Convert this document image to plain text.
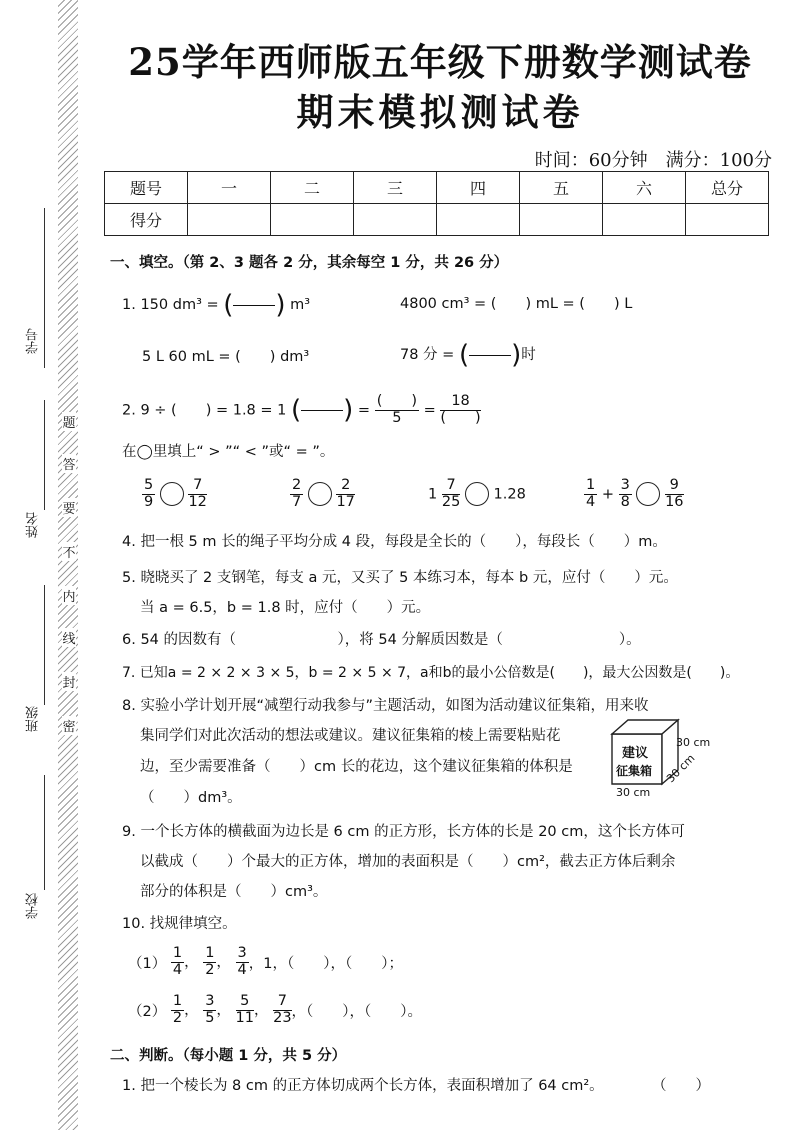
学号
姓名
班级
学校
题
答
要
不
内
线
封
密
25学年西师版五年级下册数学测试卷
期末模拟测试卷
时间：60分钟　满分：100分
题号	一	二	三	四	五	六	总分
得分							
一、填空。（第 2、3 题各 2 分，其余每空 1 分，共 26 分）
1. 150 dm³ = ( ) m³	4800 cm³ = (　　) mL = (　　) L
5 L 60 mL = (　　) dm³	78 分 = ( )时
2. 9 ÷ (　　) = 1.8 = 1 ( ) = $\frac{( )}{5} = \frac{18}{( )}$
在◯里填上“ > ”“ < ”或“ = ”。
$\frac{5}{9}$
$\frac{7}{12}$	$\frac{2}{7}$
$\frac{2}{17}$	$1 \frac{7}{25} 1.28$	$\frac{1}{4} + \frac{3}{8}$
$\frac{9}{16}$
4. 把一根 5 m 长的绳子平均分成 4 段，每段是全长的（　　），每段长（　　）m。
5. 晓晓买了 2 支钢笔，每支 a 元，又买了 5 本练习本，每本 b 元，应付（　　）元。
当 a = 6.5，b = 1.8 时，应付（　　）元。
6. 54 的因数有（　　　　　　　），将 54 分解质因数是（　　　　　　　　）。
7. 已知a = 2 × 2 × 3 × 5，b = 2 × 5 × 7，a和b的最小公倍数是(　　)，最大公因数是(　　)。
8. 实验小学计划开展“减塑行动我参与”主题活动，如图为活动建议征集箱，用来收
集同学们对此次活动的想法或建议。建议征集箱的棱上需要粘贴花
边，至少需要准备（　　）cm 长的花边，这个建议征集箱的体积是
（　　）dm³。
建议
征集箱
30 cm
30 cm
30 cm
9. 一个长方体的横截面为边长是 6 cm 的正方形，长方体的长是 20 cm，这个长方体可
以截成（　　）个最大的正方体，增加的表面积是（　　）cm²，截去正方体后剩余
部分的体积是（　　）cm³。
10. 找规律填空。
$(1) \frac{1}{4}$ ， $\frac{1}{2}$ ， $\frac{3}{4}$ ，1，（　　），（　　）；
$(2) \frac{1}{2}$ ， $\frac{3}{5}$ ， $\frac{5}{11}$ ， $\frac{7}{23}$ ，（　　），（　　）。
二、判断。（每小题 1 分，共 5 分）
1. 把一个棱长为 8 cm 的正方体切成两个长方体，表面积增加了 64 cm²。	（　　）
